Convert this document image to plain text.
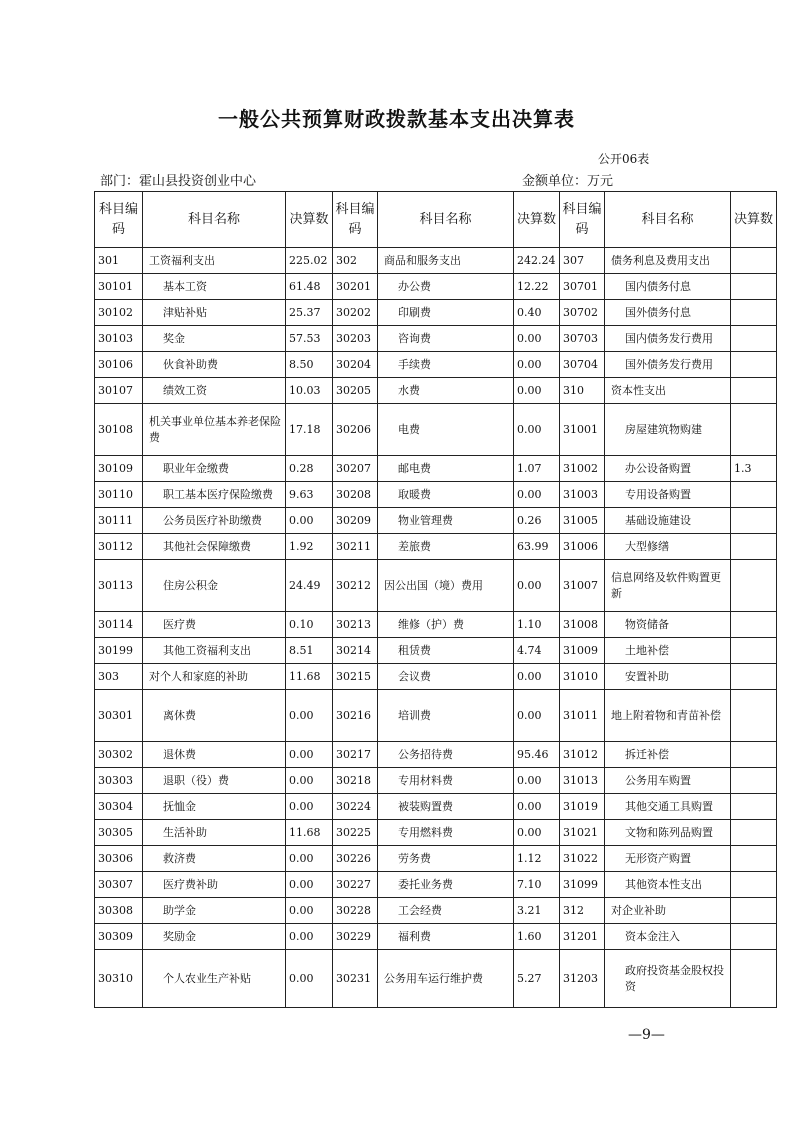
一般公共预算财政拨款基本支出决算表
公开06表
部门：霍山县投资创业中心	金额单位：万元
科目编码	科目名称	决算数	科目编码	科目名称	决算数	科目编码	科目名称	决算数
301	工资福利支出	225.02	302	商品和服务支出	242.24	307	债务利息及费用支出	
30101	基本工资	61.48	30201	办公费	12.22	30701	国内债务付息	
30102	津贴补贴	25.37	30202	印刷费	0.40	30702	国外债务付息	
30103	奖金	57.53	30203	咨询费	0.00	30703	国内债务发行费用	
30106	伙食补助费	8.50	30204	手续费	0.00	30704	国外债务发行费用	
30107	绩效工资	10.03	30205	水费	0.00	310	资本性支出	
30108	机关事业单位基本养老保险费	17.18	30206	电费	0.00	31001	房屋建筑物购建	
30109	职业年金缴费	0.28	30207	邮电费	1.07	31002	办公设备购置	1.3
30110	职工基本医疗保险缴费	9.63	30208	取暖费	0.00	31003	专用设备购置	
30111	公务员医疗补助缴费	0.00	30209	物业管理费	0.26	31005	基础设施建设	
30112	其他社会保障缴费	1.92	30211	差旅费	63.99	31006	大型修缮	
30113	住房公积金	24.49	30212	因公出国（境）费用	0.00	31007	信息网络及软件购置更新	
30114	医疗费	0.10	30213	维修（护）费	1.10	31008	物资储备	
30199	其他工资福利支出	8.51	30214	租赁费	4.74	31009	土地补偿	
303	对个人和家庭的补助	11.68	30215	会议费	0.00	31010	安置补助	
30301	离休费	0.00	30216	培训费	0.00	31011	地上附着物和青苗补偿	
30302	退休费	0.00	30217	公务招待费	95.46	31012	拆迁补偿	
30303	退职（役）费	0.00	30218	专用材料费	0.00	31013	公务用车购置	
30304	抚恤金	0.00	30224	被装购置费	0.00	31019	其他交通工具购置	
30305	生活补助	11.68	30225	专用燃料费	0.00	31021	文物和陈列品购置	
30306	救济费	0.00	30226	劳务费	1.12	31022	无形资产购置	
30307	医疗费补助	0.00	30227	委托业务费	7.10	31099	其他资本性支出	
30308	助学金	0.00	30228	工会经费	3.21	312	对企业补助	
30309	奖励金	0.00	30229	福利费	1.60	31201	资本金注入	
30310	个人农业生产补贴	0.00	30231	公务用车运行维护费	5.27	31203	政府投资基金股权投资	
—9—
